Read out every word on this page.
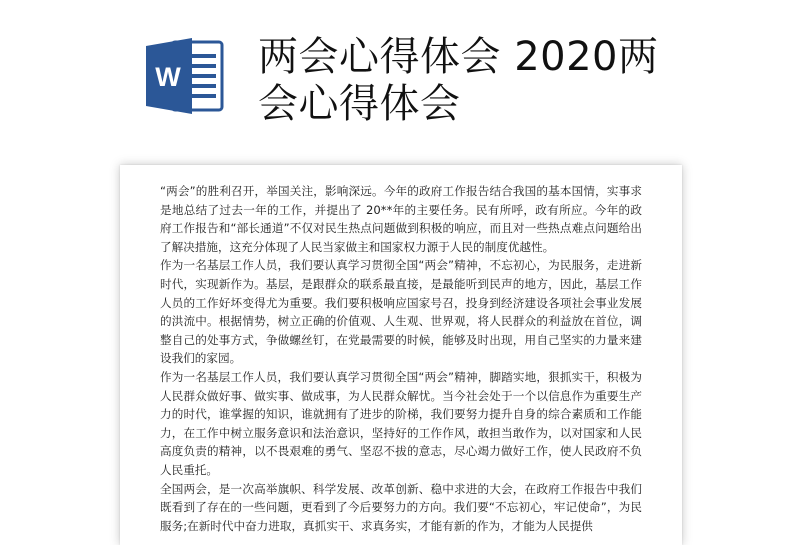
W 两会心得体会 2020两会心得体会

“两会”的胜利召开，举国关注，影响深远。今年的政府工作报告结合我国的基本国情，实事求是地总结了过去一年的工作，并提出了 20**年的主要任务。民有所呼，政有所应。今年的政府工作报告和“部长通道”不仅对民生热点问题做到积极的响应，而且对一些热点难点问题给出了解决措施，这充分体现了人民当家做主和国家权力源于人民的制度优越性。

作为一名基层工作人员，我们要认真学习贯彻全国“两会”精神，不忘初心，为民服务，走进新时代，实现新作为。基层，是跟群众的联系最直接，是最能听到民声的地方，因此，基层工作人员的工作好坏变得尤为重要。我们要积极响应国家号召，投身到经济建设各项社会事业发展的洪流中。根据情势，树立正确的价值观、人生观、世界观，将人民群众的利益放在首位，调整自己的处事方式，争做螺丝钉，在党最需要的时候，能够及时出现，用自己坚实的力量来建设我们的家园。

作为一名基层工作人员，我们要认真学习贯彻全国“两会”精神，脚踏实地，狠抓实干，积极为人民群众做好事、做实事、做成事，为人民群众解忧。当今社会处于一个以信息作为重要生产力的时代，谁掌握的知识，谁就拥有了进步的阶梯，我们要努力提升自身的综合素质和工作能力，在工作中树立服务意识和法治意识，坚持好的工作作风，敢担当敢作为，以对国家和人民高度负责的精神，以不畏艰难的勇气、坚忍不拔的意志，尽心竭力做好工作，使人民政府不负人民重托。

全国两会，是一次高举旗帜、科学发展、改革创新、稳中求进的大会，在政府工作报告中我们既看到了存在的一些问题，更看到了今后要努力的方向。我们要“不忘初心，牢记使命”，为民服务;在新时代中奋力进取，真抓实干、求真务实，才能有新的作为，才能为人民提供
